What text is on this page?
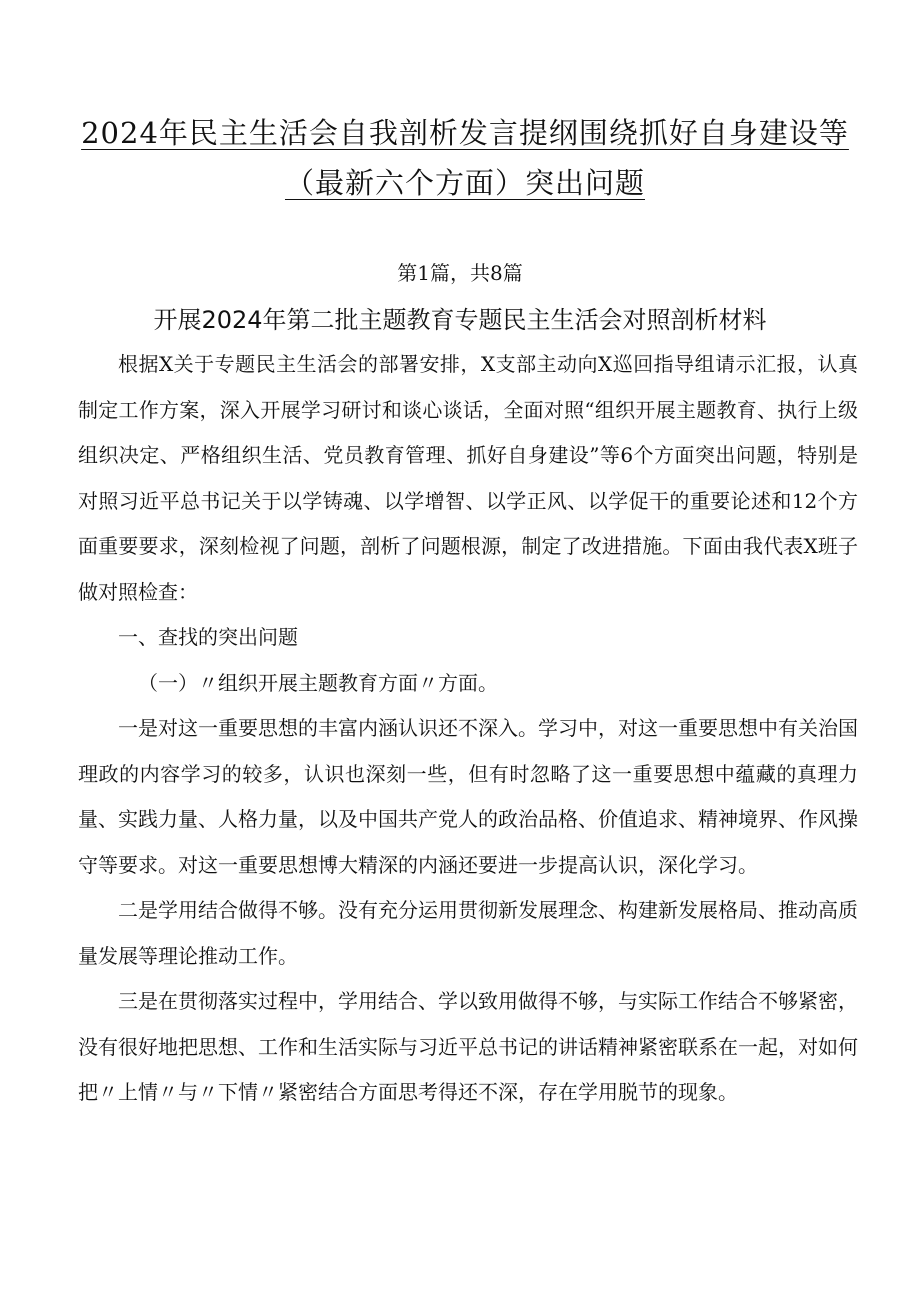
2024年民主生活会自我剖析发言提纲围绕抓好自身建设等（最新六个方面）突出问题
第1篇，共8篇
开展2024年第二批主题教育专题民主生活会对照剖析材料

根据X关于专题民主生活会的部署安排，X支部主动向X巡回指导组请示汇报，认真制定工作方案，深入开展学习研讨和谈心谈话，全面对照“组织开展主题教育、执行上级组织决定、严格组织生活、党员教育管理、抓好自身建设”等6个方面突出问题，特别是对照习近平总书记关于以学铸魂、以学增智、以学正风、以学促干的重要论述和12个方面重要要求，深刻检视了问题，剖析了问题根源，制定了改进措施。下面由我代表X班子做对照检查：

一、查找的突出问题

（一）〃组织开展主题教育方面〃方面。

一是对这一重要思想的丰富内涵认识还不深入。学习中，对这一重要思想中有关治国理政的内容学习的较多，认识也深刻一些，但有时忽略了这一重要思想中蕴藏的真理力量、实践力量、人格力量，以及中国共产党人的政治品格、价值追求、精神境界、作风操守等要求。对这一重要思想博大精深的内涵还要进一步提高认识，深化学习。

二是学用结合做得不够。没有充分运用贯彻新发展理念、构建新发展格局、推动高质量发展等理论推动工作。

三是在贯彻落实过程中，学用结合、学以致用做得不够，与实际工作结合不够紧密，没有很好地把思想、工作和生活实际与习近平总书记的讲话精神紧密联系在一起，对如何把〃上情〃与〃下情〃紧密结合方面思考得还不深，存在学用脱节的现象。
